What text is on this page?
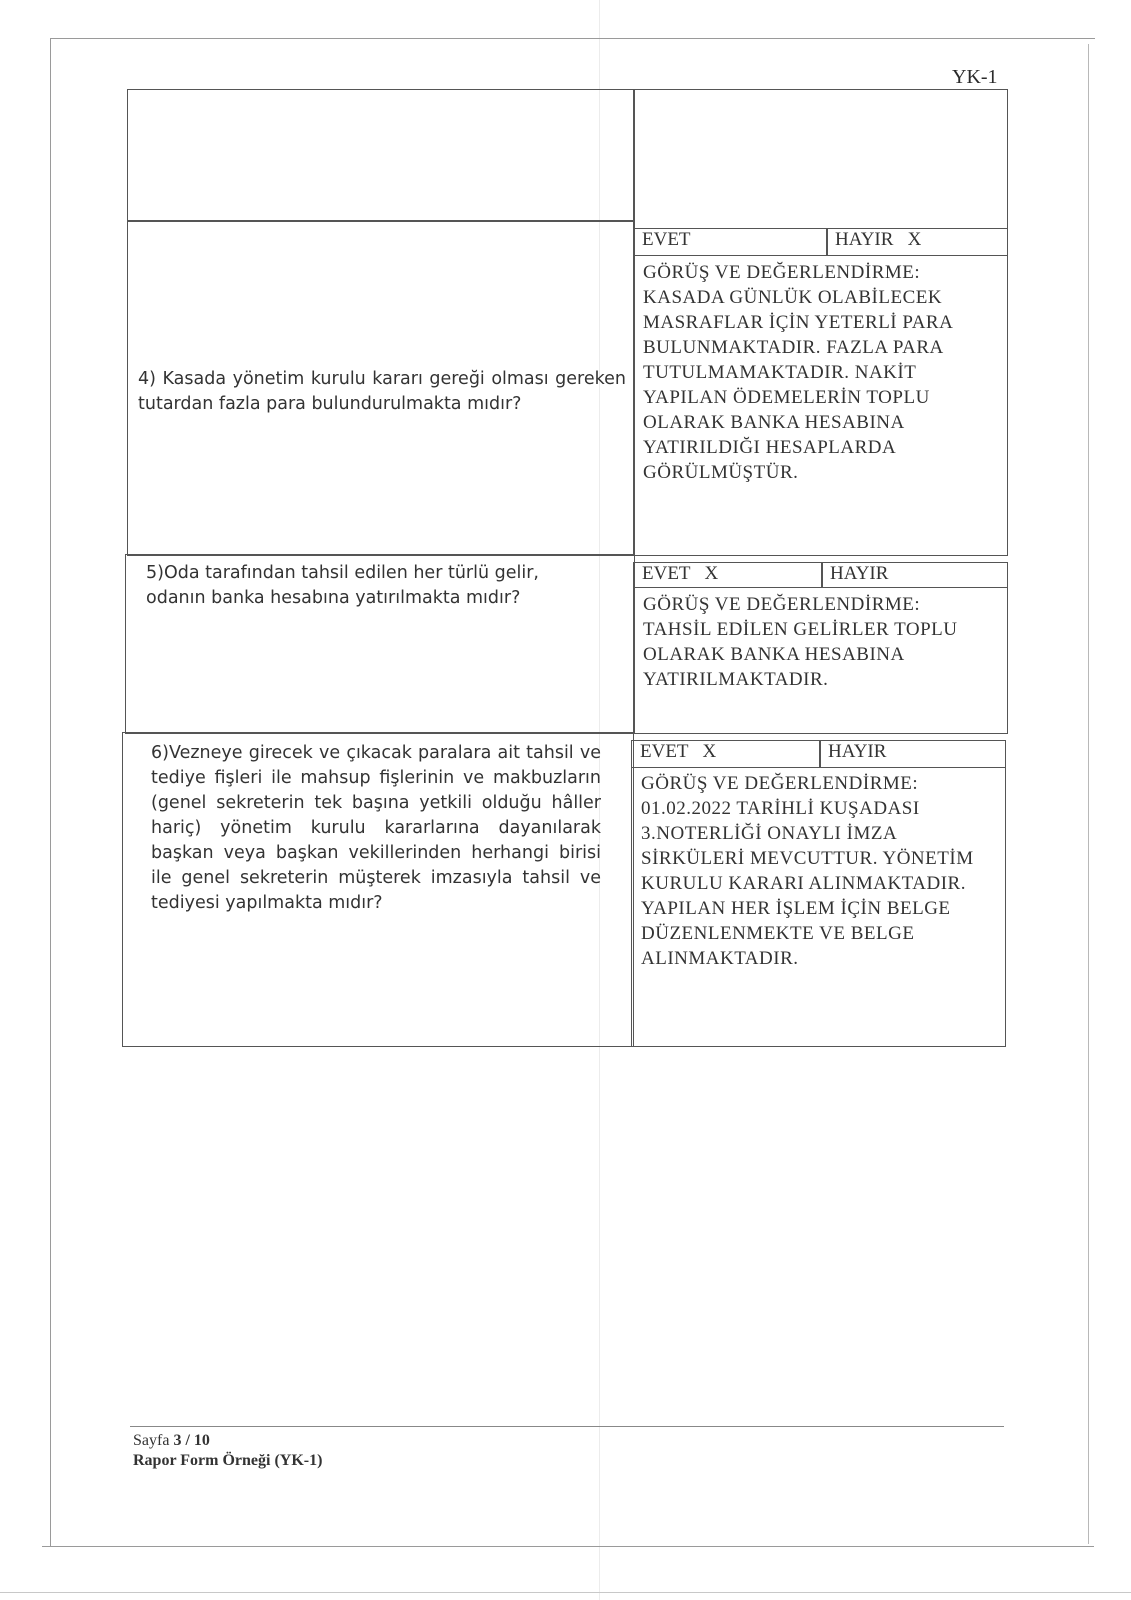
YK-1
4) Kasada yönetim kurulu kararı gereği olması gereken tutardan fazla para bulundurulmakta mıdır?
EVET	HAYIR   X
GÖRÜŞ VE DEĞERLENDİRME:
KASADA GÜNLÜK OLABİLECEK
MASRAFLAR İÇİN YETERLİ PARA
BULUNMAKTADIR. FAZLA PARA
TUTULMAMAKTADIR. NAKİT
YAPILAN ÖDEMELERİN TOPLU
OLARAK BANKA HESABINA
YATIRILDIĞI HESAPLARDA
GÖRÜLMÜŞTÜR.
5)Oda tarafından tahsil edilen her türlü gelir,
odanın banka hesabına yatırılmakta mıdır?
EVET   X	HAYIR
GÖRÜŞ VE DEĞERLENDİRME:
TAHSİL EDİLEN GELİRLER TOPLU
OLARAK BANKA HESABINA
YATIRILMAKTADIR.
6)Vezneye girecek ve çıkacak paralara ait tahsil ve tediye fişleri ile mahsup fişlerinin ve makbuzların (genel sekreterin tek başına yetkili olduğu hâller hariç) yönetim kurulu kararlarına dayanılarak başkan veya başkan vekillerinden herhangi birisi ile genel sekreterin müşterek imzasıyla tahsil ve tediyesi yapılmakta mıdır?
EVET   X	HAYIR
GÖRÜŞ VE DEĞERLENDİRME:
01.02.2022 TARİHLİ KUŞADASI
3.NOTERLİĞİ ONAYLI İMZA
SİRKÜLERİ MEVCUTTUR. YÖNETİM
KURULU KARARI ALINMAKTADIR.
YAPILAN HER İŞLEM İÇİN BELGE
DÜZENLENMEKTE VE BELGE
ALINMAKTADIR.
Sayfa 3 / 10
Rapor Form Örneği (YK-1)
